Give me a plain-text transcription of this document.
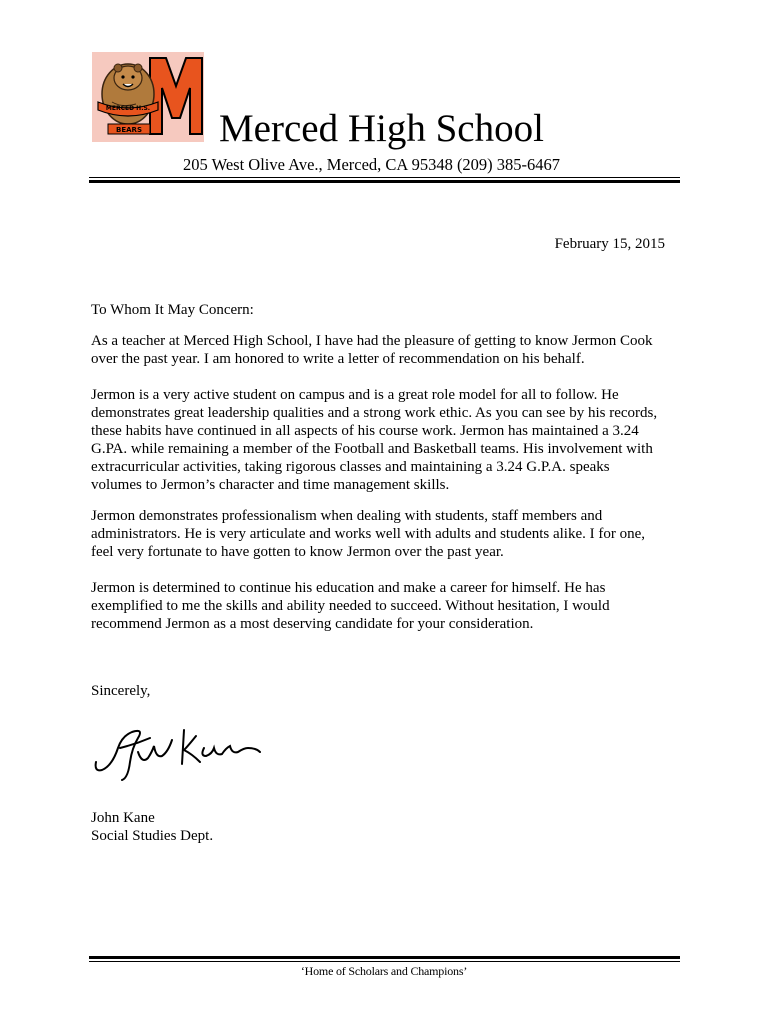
MERCED H.S.
BEARS Merced High School
205 West Olive Ave., Merced, CA 95348 (209) 385-6467
February 15, 2015
To Whom It May Concern:
As a teacher at Merced High School, I have had the pleasure of getting to know Jermon Cook
over the past year. I am honored to write a letter of recommendation on his behalf.
Jermon is a very active student on campus and is a great role model for all to follow. He
demonstrates great leadership qualities and a strong work ethic. As you can see by his records,
these habits have continued in all aspects of his course work. Jermon has maintained a 3.24
G.PA. while remaining a member of the Football and Basketball teams. His involvement with
extracurricular activities, taking rigorous classes and maintaining a 3.24 G.P.A. speaks
volumes to Jermon’s character and time management skills.
Jermon demonstrates professionalism when dealing with students, staff members and
administrators. He is very articulate and works well with adults and students alike. I for one,
feel very fortunate to have gotten to know Jermon over the past year.
Jermon is determined to continue his education and make a career for himself. He has
exemplified to me the skills and ability needed to succeed. Without hesitation, I would
recommend Jermon as a most deserving candidate for your consideration.
Sincerely,
John Kane
Social Studies Dept.
‘Home of Scholars and Champions’
